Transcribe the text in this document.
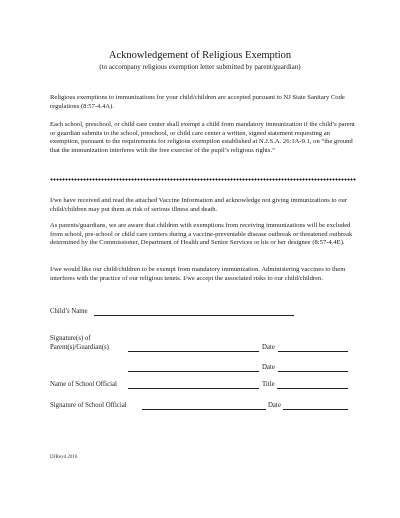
Acknowledgement of Religious Exemption
(to accompany religious exemption letter submitted by parent/guardian)

Religious exemptions to immunizations for your child/children are accepted pursuant to NJ State Sanitary Code regulations (8:57-4.4A).

Each school, preschool, or child care center shall exempt a child from mandatory immunization if the child’s parent or guardian submits to the school, preschool, or child care center a written, signed statement requesting an exemption, pursuant to the requirements for religious exemption established at N.J.S.A. 26:1A-9.1, on “the ground that the immunization interferes with the free exercise of the pupil’s religious rights.”

I/we have received and read the attached Vaccine Information and acknowledge not giving immunizations to our child/children may put them at risk of serious illness and death.

As parents/guardians, we are aware that children with exemptions from receiving immunizations will be excluded from school, pre-school or child care centers during a vaccine-preventable disease outbreak or threatened outbreak determined by the Commissioner, Department of Health and Senior Services or his or her designee (8:57-4.4E).

I/we would like our child/children to be exempt from mandatory immunization. Administering vaccines to them interferes with the practice of our religious tenets. I/we accept the associated risks to our child/children.

Child’s Name
Signature(s) of
Parent(s)/Guardian(s)	Date
Date
Name of School Official	Title
Signature of School Official	Date
DJReyd 2016
